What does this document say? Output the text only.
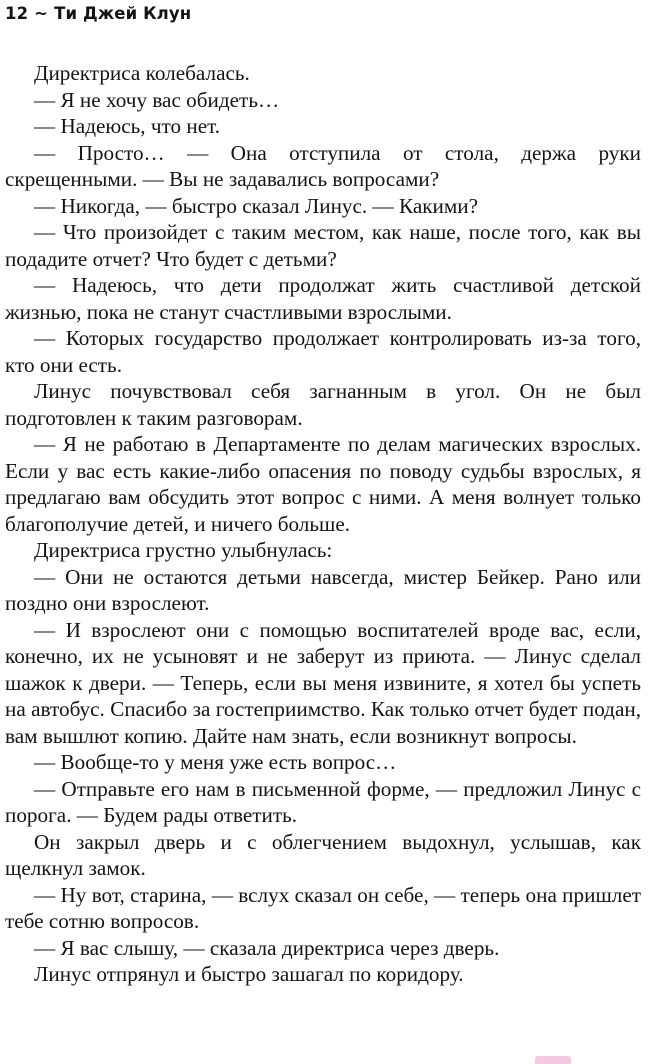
12 ~ Ти Джей Клун

Директриса колебалась.

— Я не хочу вас обидеть…

— Надеюсь, что нет.

— Просто… — Она отступила от стола, держа руки скрещенными. — Вы не задавались вопросами?

— Никогда, — быстро сказал Линус. — Какими?

— Что произойдет с таким местом, как наше, после того, как вы подадите отчет? Что будет с детьми?

— Надеюсь, что дети продолжат жить счастливой детской жизнью, пока не станут счастливыми взрослыми.

— Которых государство продолжает контролировать из-за того, кто они есть.

Линус почувствовал себя загнанным в угол. Он не был подготовлен к таким разговорам.

— Я не работаю в Департаменте по делам магических взрослых. Если у вас есть какие-либо опасения по поводу судьбы взрослых, я предлагаю вам обсудить этот вопрос с ними. А меня волнует только благополучие детей, и ничего больше.

Директриса грустно улыбнулась:

— Они не остаются детьми навсегда, мистер Бейкер. Рано или поздно они взрослеют.

— И взрослеют они с помощью воспитателей вроде вас, если, конечно, их не усыновят и не заберут из приюта. — Линус сделал шажок к двери. — Теперь, если вы меня извините, я хотел бы успеть на автобус. Спасибо за гостеприимство. Как только отчет будет подан, вам вышлют копию. Дайте нам знать, если возникнут вопросы.

— Вообще-то у меня уже есть вопрос…

— Отправьте его нам в письменной форме, — предложил Линус с порога. — Будем рады ответить.

Он закрыл дверь и с облегчением выдохнул, услышав, как щелкнул замок.

— Ну вот, старина, — вслух сказал он себе, — теперь она пришлет тебе сотню вопросов.

— Я вас слышу, — сказала директриса через дверь.

Линус отпрянул и быстро зашагал по коридору.
